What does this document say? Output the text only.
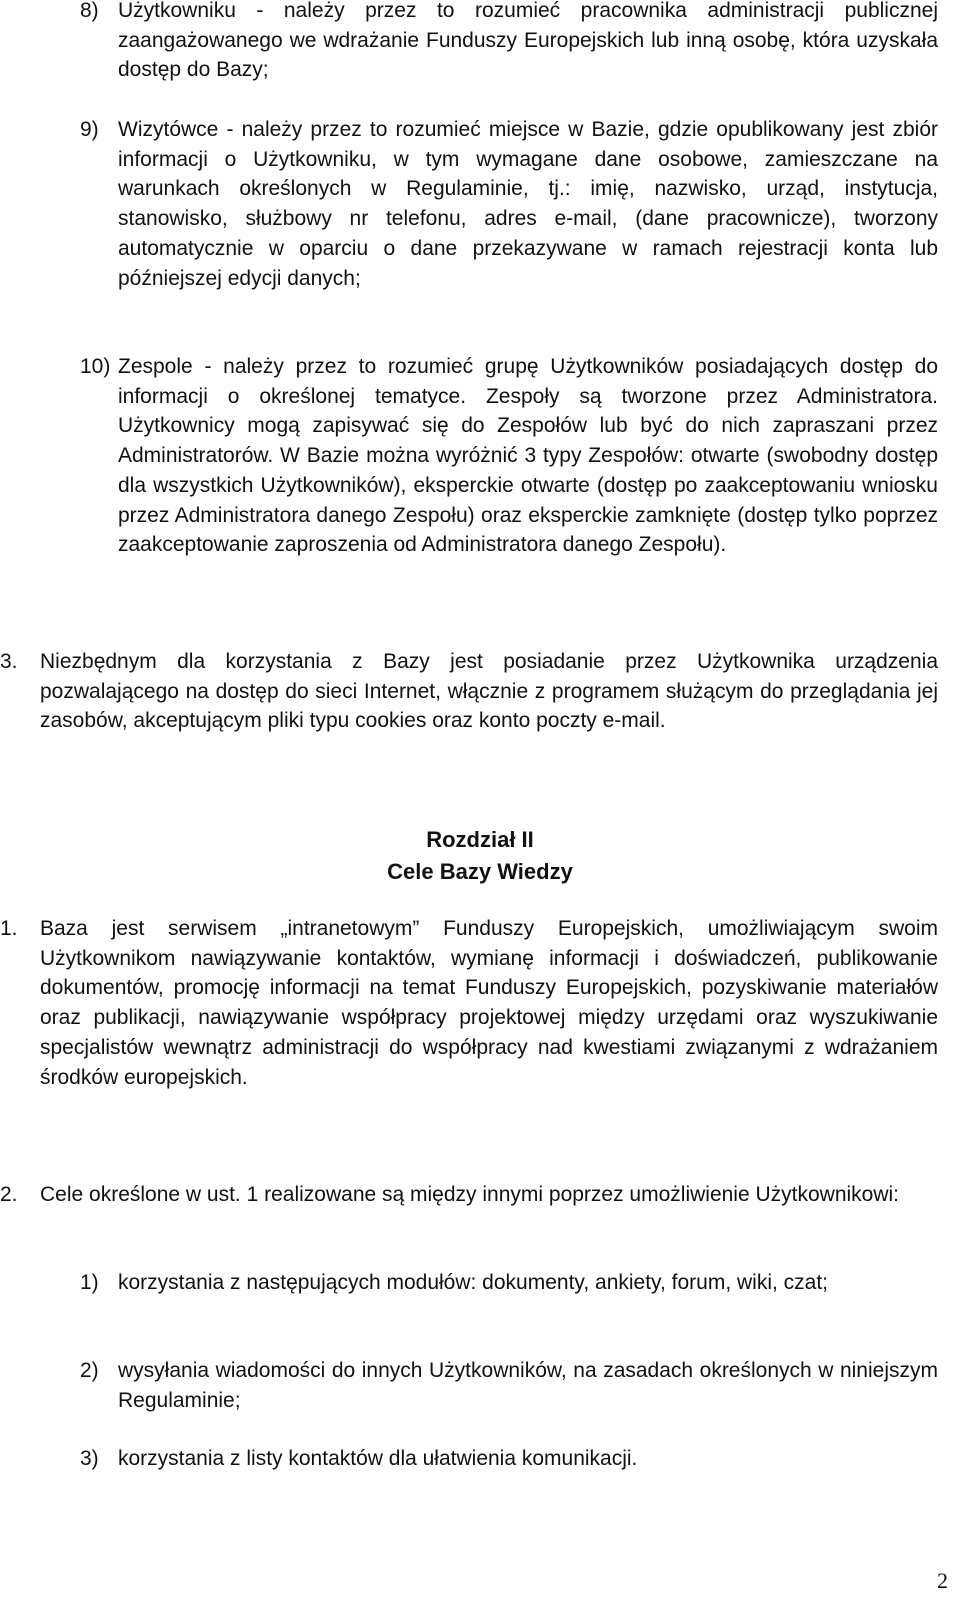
8) Użytkowniku - należy przez to rozumieć pracownika administracji publicznej zaangażowanego we wdrażanie Funduszy Europejskich lub inną osobę, która uzyskała dostęp do Bazy;

9) Wizytówce - należy przez to rozumieć miejsce w Bazie, gdzie opublikowany jest zbiór informacji o Użytkowniku, w tym wymagane dane osobowe, zamieszczane na warunkach określonych w Regulaminie, tj.: imię, nazwisko, urząd, instytucja, stanowisko, służbowy nr telefonu, adres e-mail, (dane pracownicze), tworzony automatycznie w oparciu o dane przekazywane w ramach rejestracji konta lub późniejszej edycji danych;

10) Zespole - należy przez to rozumieć grupę Użytkowników posiadających dostęp do informacji o określonej tematyce. Zespoły są tworzone przez Administratora. Użytkownicy mogą zapisywać się do Zespołów lub być do nich zapraszani przez Administratorów. W Bazie można wyróżnić 3 typy Zespołów: otwarte (swobodny dostęp dla wszystkich Użytkowników), eksperckie otwarte (dostęp po zaakceptowaniu wniosku przez Administratora danego Zespołu) oraz eksperckie zamknięte (dostęp tylko poprzez zaakceptowanie zaproszenia od Administratora danego Zespołu).

3. Niezbędnym dla korzystania z Bazy jest posiadanie przez Użytkownika urządzenia pozwalającego na dostęp do sieci Internet, włącznie z programem służącym do przeglądania jej zasobów, akceptującym pliki typu cookies oraz konto poczty e-mail.

Rozdział II

Cele Bazy Wiedzy

1. Baza jest serwisem „intranetowym” Funduszy Europejskich, umożliwiającym swoim Użytkownikom nawiązywanie kontaktów, wymianę informacji i doświadczeń, publikowanie dokumentów, promocję informacji na temat Funduszy Europejskich, pozyskiwanie materiałów oraz publikacji, nawiązywanie współpracy projektowej między urzędami oraz wyszukiwanie specjalistów wewnątrz administracji do współpracy nad kwestiami związanymi z wdrażaniem środków europejskich.

2. Cele określone w ust. 1 realizowane są między innymi poprzez umożliwienie Użytkownikowi:

1) korzystania z następujących modułów: dokumenty, ankiety, forum, wiki, czat;

2) wysyłania wiadomości do innych Użytkowników, na zasadach określonych w niniejszym Regulaminie;

3) korzystania z listy kontaktów dla ułatwienia komunikacji.

2
